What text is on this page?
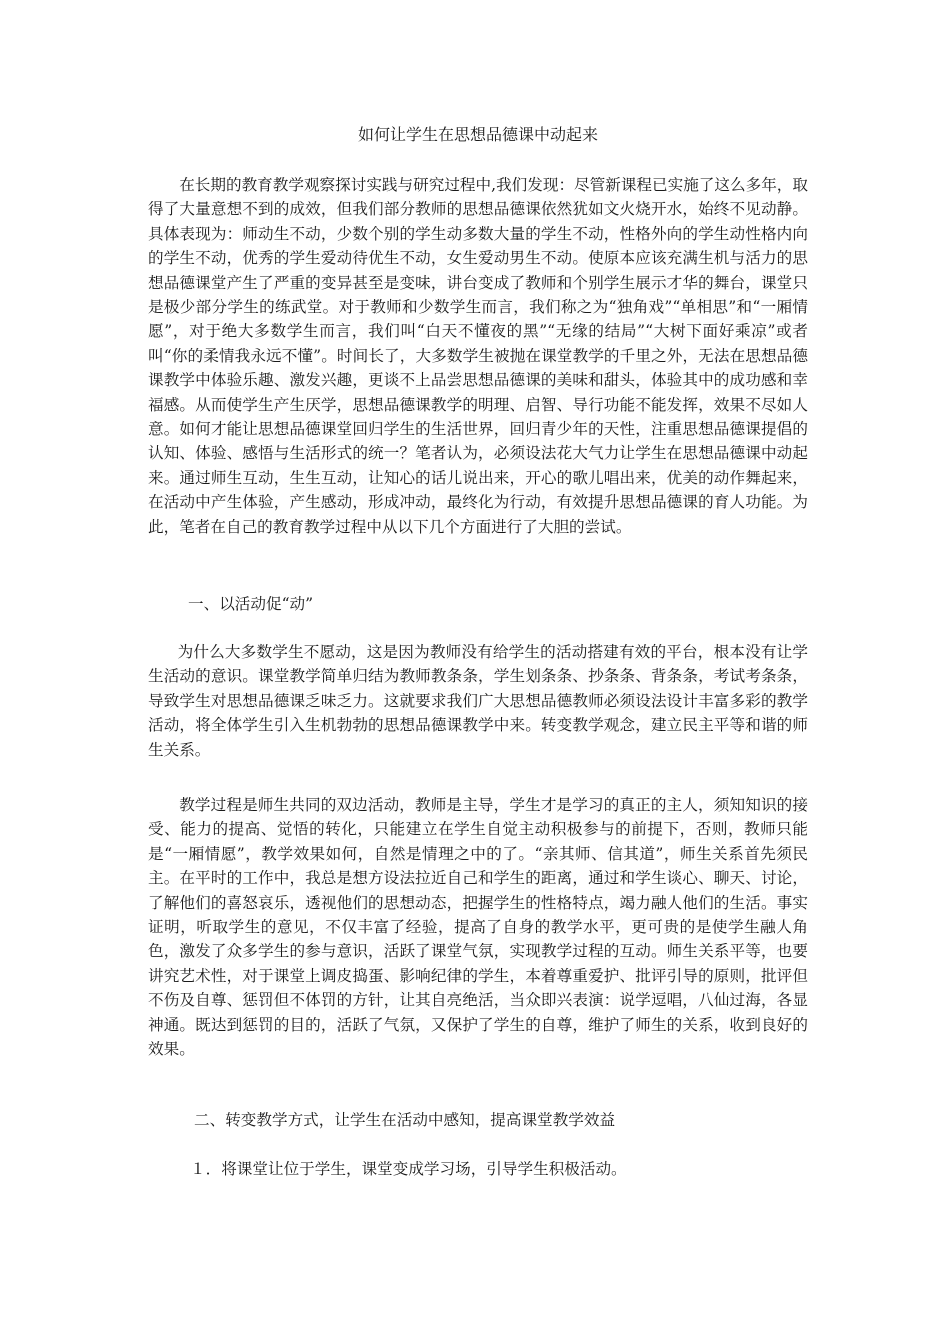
如何让学生在思想品德课中动起来

在长期的教育教学观察探讨实践与研究过程中,我们发现：尽管新课程已实施了这么多年，取得了大量意想不到的成效，但我们部分教师的思想品德课依然犹如文火烧开水，始终不见动静。具体表现为：师动生不动，少数个别的学生动多数大量的学生不动，性格外向的学生动性格内向的学生不动，优秀的学生爱动待优生不动，女生爱动男生不动。使原本应该充满生机与活力的思想品德课堂产生了严重的变异甚至是变味，讲台变成了教师和个别学生展示才华的舞台，课堂只是极少部分学生的练武堂。对于教师和少数学生而言，我们称之为“独角戏”“单相思”和“一厢情愿”，对于绝大多数学生而言，我们叫“白天不懂夜的黑”“无缘的结局”“大树下面好乘凉”或者叫“你的柔情我永远不懂”。时间长了，大多数学生被抛在课堂教学的千里之外，无法在思想品德课教学中体验乐趣、激发兴趣，更谈不上品尝思想品德课的美味和甜头，体验其中的成功感和幸福感。从而使学生产生厌学，思想品德课教学的明理、启智、导行功能不能发挥，效果不尽如人意。如何才能让思想品德课堂回归学生的生活世界，回归青少年的天性，注重思想品德课提倡的认知、体验、感悟与生活形式的统一？笔者认为，必须设法花大气力让学生在思想品德课中动起来。通过师生互动，生生互动，让知心的话儿说出来，开心的歌儿唱出来，优美的动作舞起来，在活动中产生体验，产生感动，形成冲动，最终化为行动，有效提升思想品德课的育人功能。为此，笔者在自己的教育教学过程中从以下几个方面进行了大胆的尝试。

一、以活动促“动”

为什么大多数学生不愿动，这是因为教师没有给学生的活动搭建有效的平台，根本没有让学生活动的意识。课堂教学简单归结为教师教条条，学生划条条、抄条条、背条条，考试考条条，导致学生对思想品德课乏味乏力。这就要求我们广大思想品德教师必须设法设计丰富多彩的教学活动，将全体学生引入生机勃勃的思想品德课教学中来。转变教学观念，建立民主平等和谐的师生关系。

教学过程是师生共同的双边活动，教师是主导，学生才是学习的真正的主人，须知知识的接受、能力的提高、觉悟的转化，只能建立在学生自觉主动积极参与的前提下，否则，教师只能是“一厢情愿”，教学效果如何，自然是情理之中的了。“亲其师、信其道”，师生关系首先须民主。在平时的工作中，我总是想方设法拉近自己和学生的距离，通过和学生谈心、聊天、讨论，了解他们的喜怒哀乐，透视他们的思想动态，把握学生的性格特点，竭力融人他们的生活。事实证明，听取学生的意见，不仅丰富了经验，提高了自身的教学水平，更可贵的是使学生融人角色，激发了众多学生的参与意识，活跃了课堂气氛，实现教学过程的互动。师生关系平等，也要讲究艺术性，对于课堂上调皮捣蛋、影响纪律的学生，本着尊重爱护、批评引导的原则，批评但不伤及自尊、惩罚但不体罚的方针，让其自亮绝活，当众即兴表演：说学逗唱，八仙过海，各显神通。既达到惩罚的目的，活跃了气氛，又保护了学生的自尊，维护了师生的关系，收到良好的效果。

二、转变教学方式，让学生在活动中感知，提高课堂教学效益
１．将课堂让位于学生，课堂变成学习场，引导学生积极活动。
